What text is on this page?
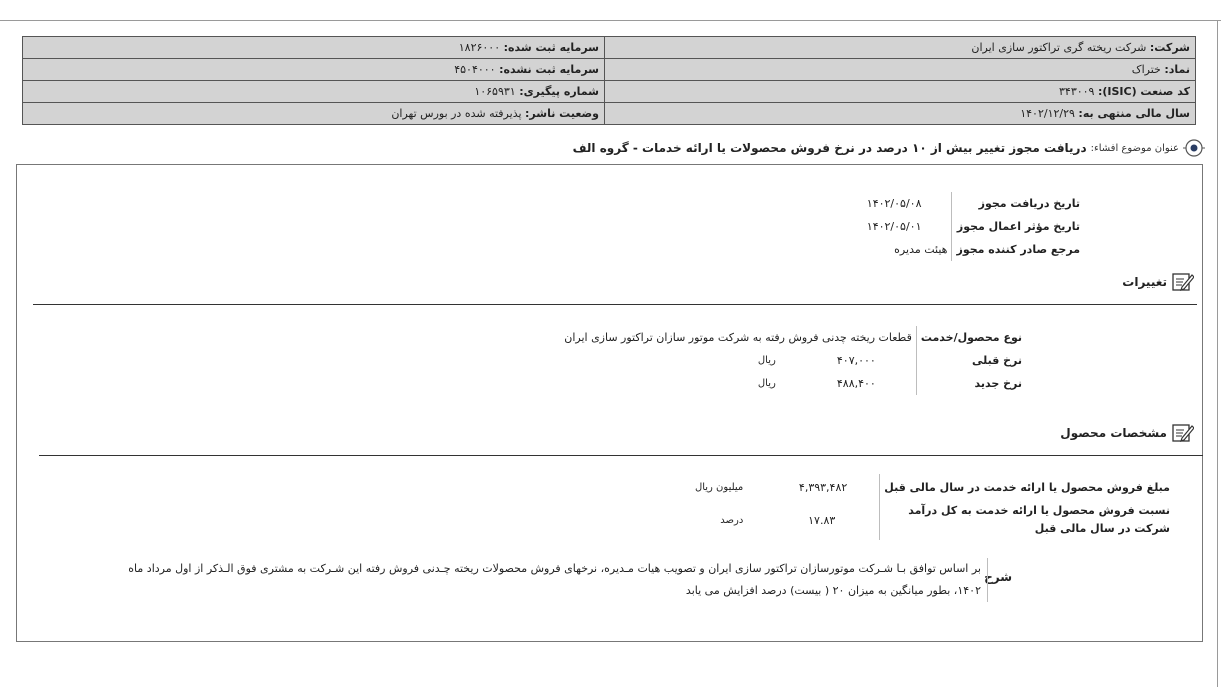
شرکت: شرکت ریخته گری تراکتور سازی ایران	سرمایه ثبت شده: ۱۸۲۶۰۰۰
نماد: ختراک	سرمایه ثبت نشده: ۴۵۰۴۰۰۰
کد صنعت (ISIC): ۳۴۳۰۰۹	شماره پیگیری: ۱۰۶۵۹۳۱
سال مالی منتهی به: ۱۴۰۲/۱۲/۲۹	وضعیت ناشر: پذیرفته شده در بورس تهران
عنوان موضوع افشاء:
دریافت مجوز تغییر بیش از ۱۰ درصد در نرخ فروش محصولات یا ارائه خدمات - گروه الف
تاریخ دریافت مجوز	۱۴۰۲/۰۵/۰۸
تاریخ مؤثر اعمال مجوز	۱۴۰۲/۰۵/۰۱
مرجع صادر کننده مجوز	هیئت مدیره
تغییرات
نوع محصول/خدمت	قطعات ریخته چدنی فروش رفته به شرکت موتور سازان تراکتور سازی ایران	
نرخ قبلی	۴۰۷,۰۰۰	ریال
نرخ جدید	۴۸۸,۴۰۰	ریال
مشخصات محصول
مبلغ فروش محصول یا ارائه خدمت در سال مالی قبل	۴,۳۹۳,۴۸۲	میلیون ریال

نسبت فروش محصول یا ارائه خدمت به کل درآمد
شرکت در سال مالی قبل	۱۷.۸۳	درصد
شرح
بر اساس توافق بـا شـرکت موتورسازان تراکتور سازی ایران و تصویب هیات مـدیره، نرخهای فروش محصولات ریخته چـدنی فروش رفته این شـرکت به مشتری فوق الـذکر از اول مرداد ماه ۱۴۰۲، بطور میانگین به میزان ۲۰ ( بیست) درصد افزایش می یابد
